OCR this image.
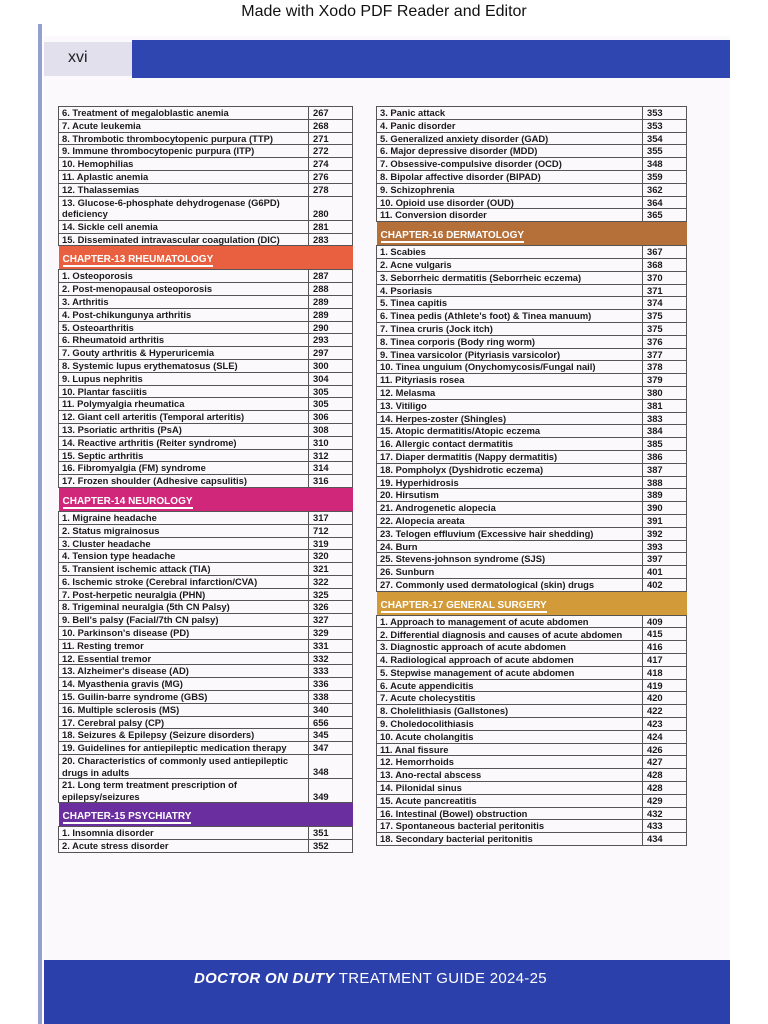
Made with Xodo PDF Reader and Editor
xvi
6. Treatment of megaloblastic anemia	267
7. Acute leukemia	268
8. Thrombotic thrombocytopenic purpura (TTP)	271
9. Immune thrombocytopenic purpura (ITP)	272
10. Hemophilias	274
11. Aplastic anemia	276
12. Thalassemias	278
13. Glucose-6-phosphate dehydrogenase (G6PD) deficiency	280
14. Sickle cell anemia	281
15. Disseminated intravascular coagulation (DIC)	283
CHAPTER-13 RHEUMATOLOGY	
1. Osteoporosis	287
2. Post-menopausal osteoporosis	288
3. Arthritis	289
4. Post-chikungunya arthritis	289
5. Osteoarthritis	290
6. Rheumatoid arthritis	293
7. Gouty arthritis & Hyperuricemia	297
8. Systemic lupus erythematosus (SLE)	300
9. Lupus nephritis	304
10. Plantar fasciitis	305
11. Polymyalgia rheumatica	305
12. Giant cell arteritis (Temporal arteritis)	306
13. Psoriatic arthritis (PsA)	308
14. Reactive arthritis (Reiter syndrome)	310
15. Septic arthritis	312
16. Fibromyalgia (FM) syndrome	314
17. Frozen shoulder (Adhesive capsulitis)	316
CHAPTER-14 NEUROLOGY	
1. Migraine headache	317
2. Status migrainosus	712
3. Cluster headache	319
4. Tension type headache	320
5. Transient ischemic attack (TIA)	321
6. Ischemic stroke (Cerebral infarction/CVA)	322
7. Post-herpetic neuralgia (PHN)	325
8. Trigeminal neuralgia (5th CN Palsy)	326
9. Bell's palsy (Facial/7th CN palsy)	327
10. Parkinson's disease (PD)	329
11. Resting tremor	331
12. Essential tremor	332
13. Alzheimer's disease (AD)	333
14. Myasthenia gravis (MG)	336
15. Guilin-barre syndrome (GBS)	338
16. Multiple sclerosis (MS)	340
17. Cerebral palsy (CP)	656
18. Seizures & Epilepsy (Seizure disorders)	345
19. Guidelines for antiepileptic medication therapy	347
20. Characteristics of commonly used antiepileptic drugs in adults	348
21. Long term treatment prescription of epilepsy/seizures	349
CHAPTER-15 PSYCHIATRY	
1. Insomnia disorder	351
2. Acute stress disorder	352
3. Panic attack	353
4. Panic disorder	353
5. Generalized anxiety disorder (GAD)	354
6. Major depressive disorder (MDD)	355
7. Obsessive-compulsive disorder (OCD)	348
8. Bipolar affective disorder (BIPAD)	359
9. Schizophrenia	362
10. Opioid use disorder (OUD)	364
11. Conversion disorder	365
CHAPTER-16 DERMATOLOGY	
1. Scabies	367
2. Acne vulgaris	368
3. Seborrheic dermatitis (Seborrheic eczema)	370
4. Psoriasis	371
5. Tinea capitis	374
6. Tinea pedis (Athlete's foot) & Tinea manuum)	375
7. Tinea cruris (Jock itch)	375
8. Tinea corporis (Body ring worm)	376
9. Tinea varsicolor (Pityriasis varsicolor)	377
10. Tinea unguium (Onychomycosis/Fungal nail)	378
11. Pityriasis rosea	379
12. Melasma	380
13. Vitiligo	381
14. Herpes-zoster (Shingles)	383
15. Atopic dermatitis/Atopic eczema	384
16. Allergic contact dermatitis	385
17. Diaper dermatitis (Nappy dermatitis)	386
18. Pompholyx (Dyshidrotic eczema)	387
19. Hyperhidrosis	388
20. Hirsutism	389
21. Androgenetic alopecia	390
22. Alopecia areata	391
23. Telogen effluvium (Excessive hair shedding)	392
24. Burn	393
25. Stevens-johnson syndrome (SJS)	397
26. Sunburn	401
27. Commonly used dermatological (skin) drugs	402
CHAPTER-17 GENERAL SURGERY	
1. Approach to management of acute abdomen	409
2. Differential diagnosis and causes of acute abdomen	415
3. Diagnostic approach of acute abdomen	416
4. Radiological approach of acute abdomen	417
5. Stepwise management of acute abdomen	418
6. Acute appendicitis	419
7. Acute cholecystitis	420
8. Cholelithiasis (Gallstones)	422
9. Choledocolithiasis	423
10. Acute cholangitis	424
11. Anal fissure	426
12. Hemorrhoids	427
13. Ano-rectal abscess	428
14. Pilonidal sinus	428
15. Acute pancreatitis	429
16. Intestinal (Bowel) obstruction	432
17. Spontaneous bacterial peritonitis	433
18. Secondary bacterial peritonitis	434
DOCTOR ON DUTY TREATMENT GUIDE 2024-25
